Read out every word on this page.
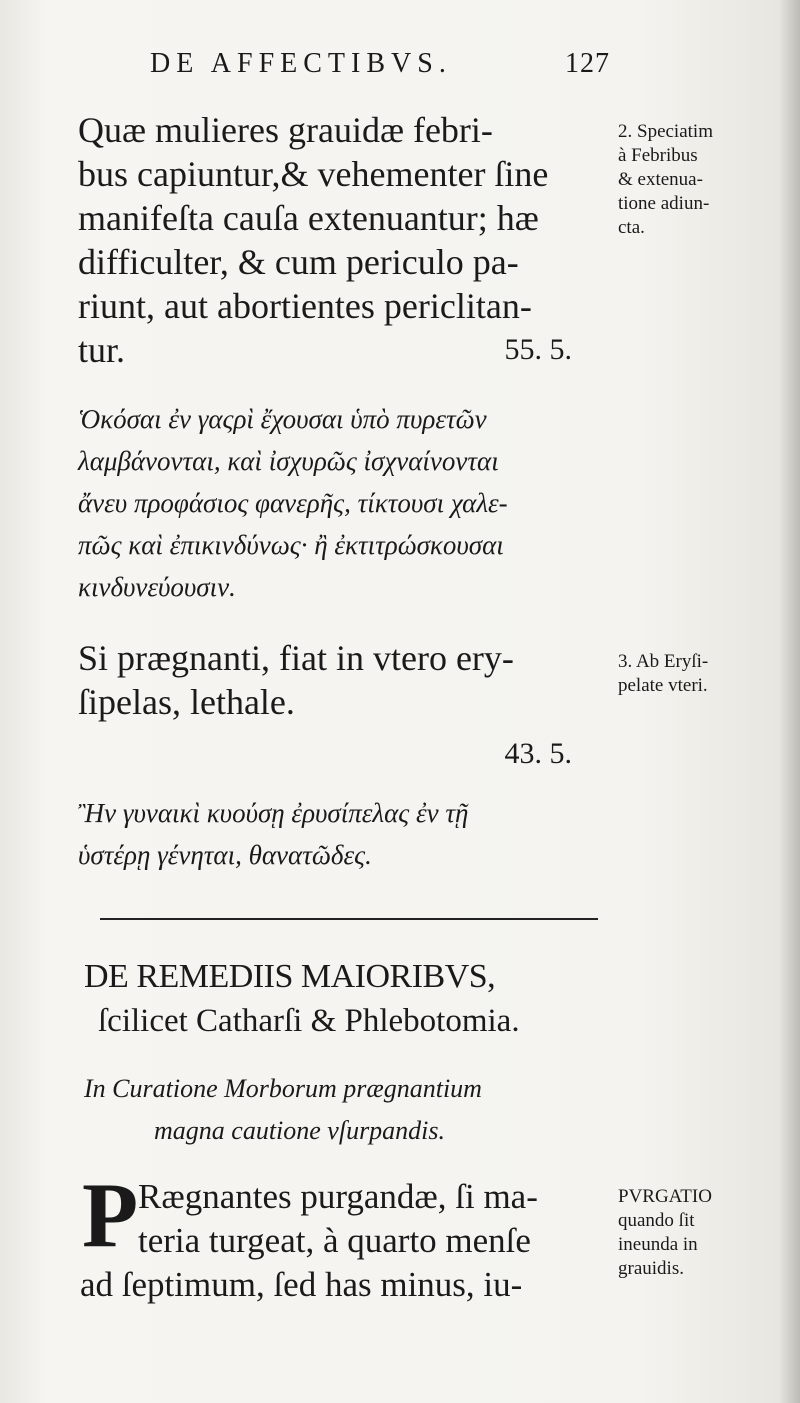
DE AFFECTIBVS.	127

Quæ mulieres grauidæ febri-

bus capiuntur,& vehementer ſine

manifeſta cauſa extenuantur; hæ

difficulter, & cum periculo pa-

riunt, aut abortientes periclitan-

tur.	55. 5.

Ὁκόσαι ἐν γαςρὶ ἔχουσαι ὑπὸ πυρετῶν

λαμβάνονται, καὶ ἰσχυρῶς ἰσχναίνονται

ἄνευ προφάσιος φανερῆς, τίκτουσι χαλε-

πῶς καὶ ἐπικινδύνως· ἢ ἐκτιτρώσκουσαι

κινδυνεύουσιν.

2. Speciatim
à Febribus
& extenua-
tione adiun-
cta.

Si prægnanti, fiat in vtero ery-

ſipelas, lethale.

43. 5.

Ἢν γυναικὶ κυούσῃ ἐρυσίπελας ἐν τῇ

ὑστέρῃ γένηται, θανατῶδες.

3. Ab Eryſi-
pelate vteri.
DE REMEDIIS MAIORIBVS,
ſcilicet Catharſi & Phlebotomia.
In Curatione Morborum prægnantium
magna cautione vſurpandis.
P Rægnantes purgandæ, ſi ma-
teria turgeat, à quarto menſe
ad ſeptimum, ſed has minus, iu-
PVRGATIO
quando ſit
ineunda in
grauidis.
